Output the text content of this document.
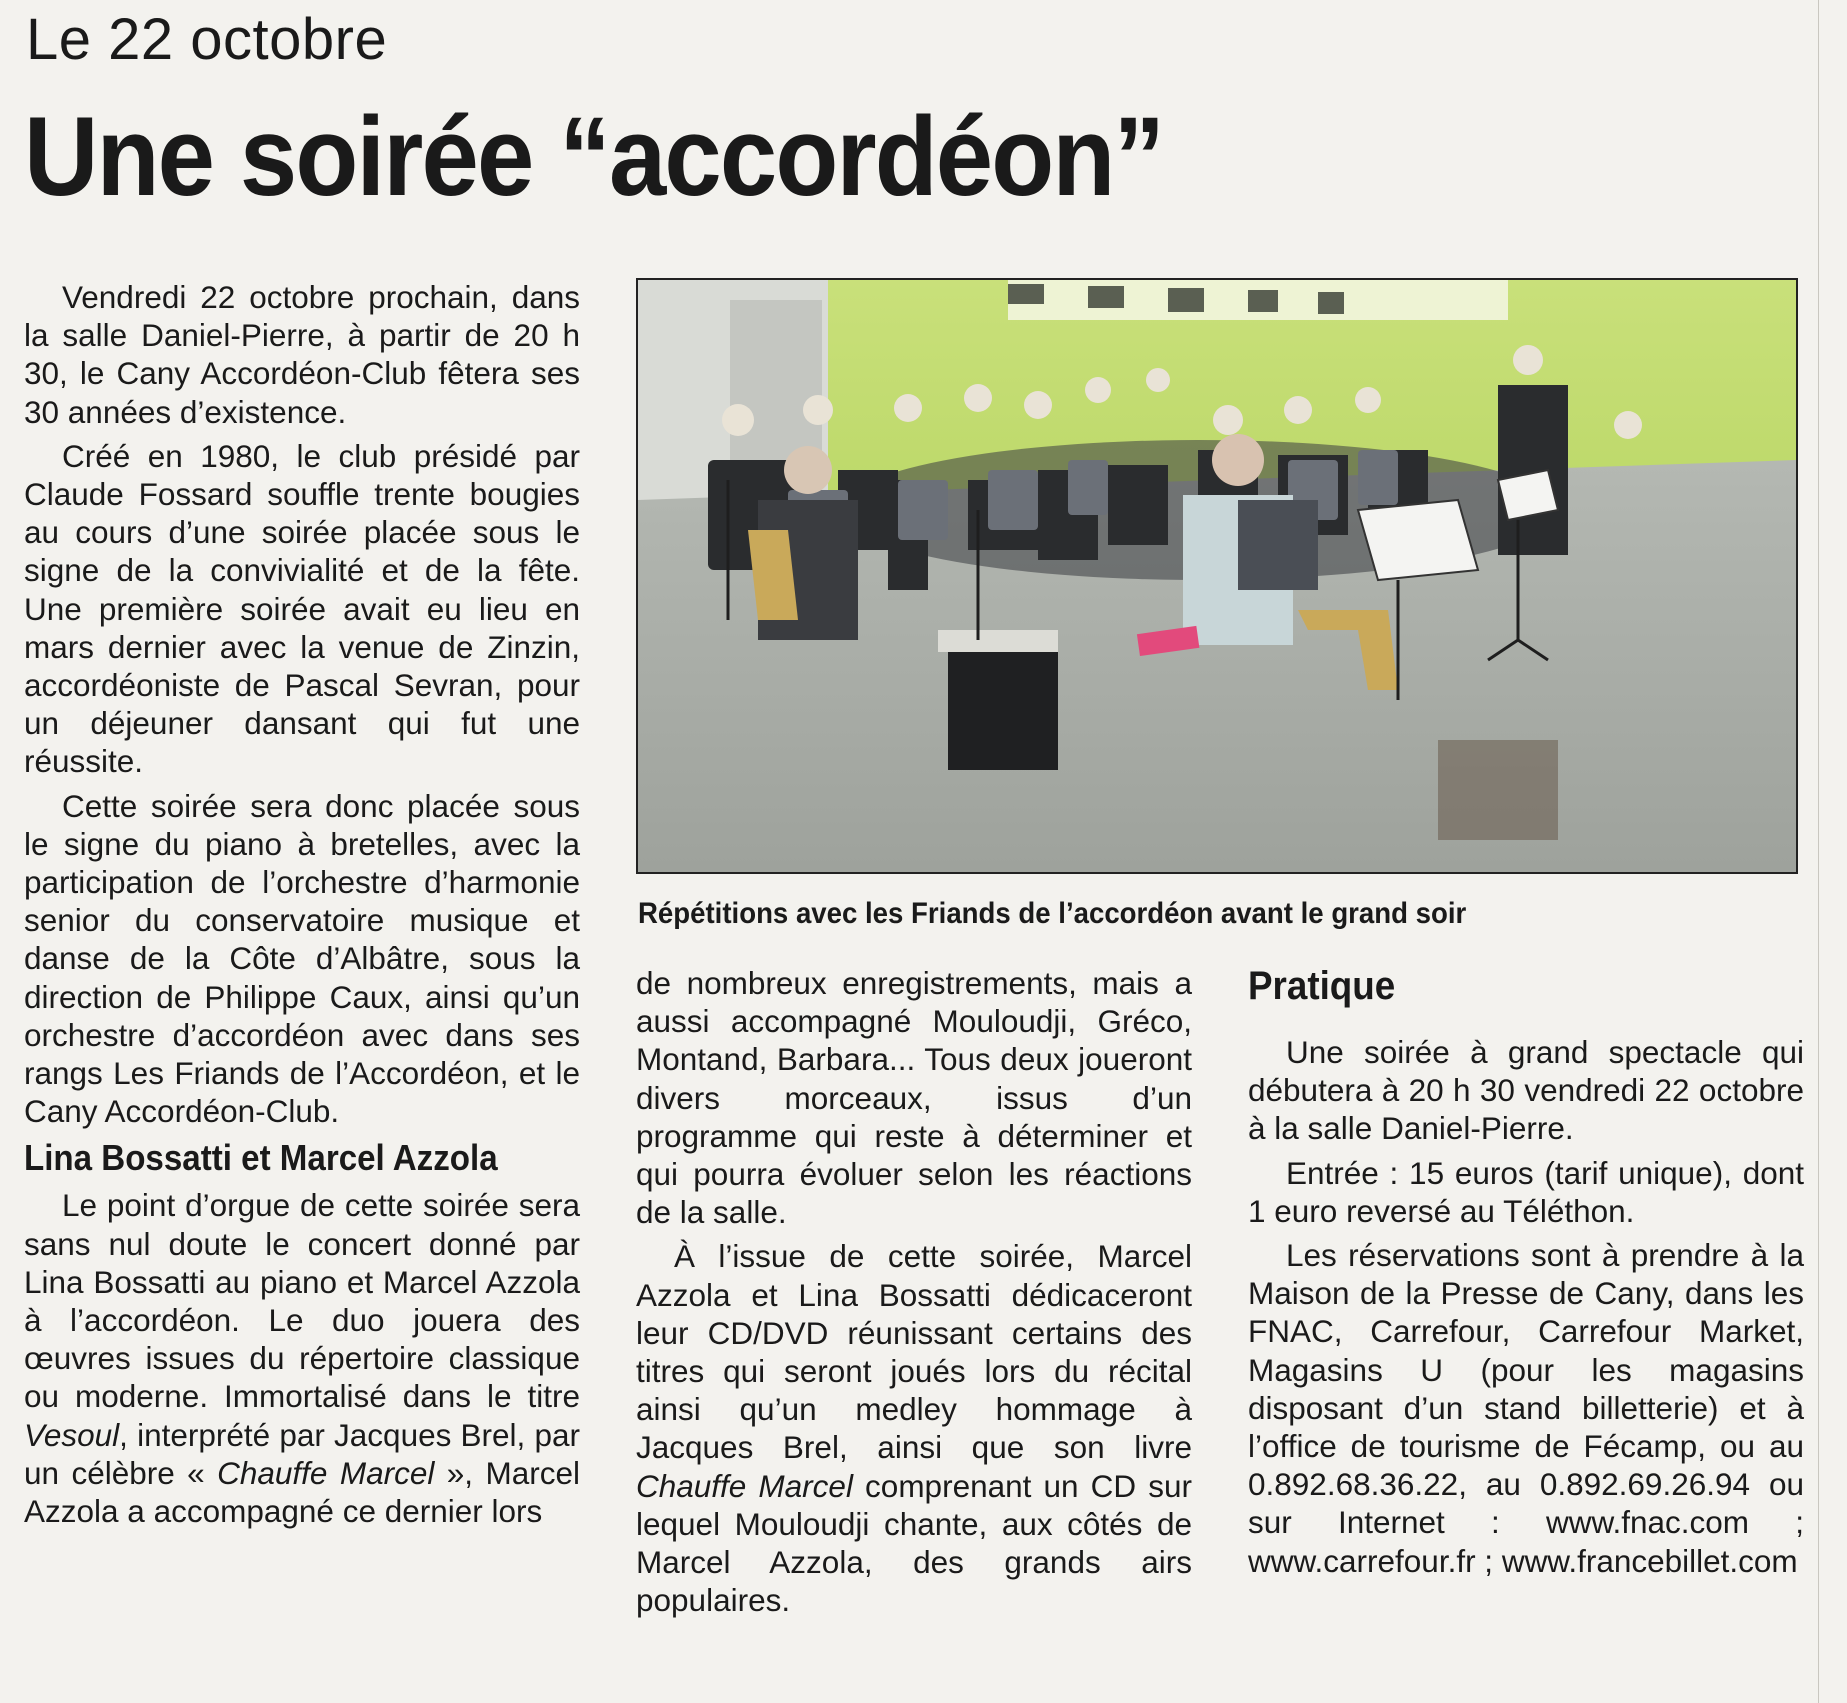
Le 22 octobre
Une soirée “accordéon”

Vendredi 22 octobre prochain, dans la salle Daniel-Pierre, à partir de 20 h 30, le Cany Accordéon-Club fêtera ses 30 années d’existence.

Créé en 1980, le club présidé par Claude Fossard souffle trente bougies au cours d’une soirée placée sous le signe de la convivialité et de la fête. Une première soirée avait eu lieu en mars dernier avec la venue de Zinzin, accordéoniste de Pascal Sevran, pour un déjeuner dansant qui fut une réussite.

Cette soirée sera donc placée sous le signe du piano à bretelles, avec la participation de l’orchestre d’harmonie senior du conservatoire musique et danse de la Côte d’Albâtre, sous la direction de Philippe Caux, ainsi qu’un orchestre d’accordéon avec dans ses rangs Les Friands de l’Accordéon, et le Cany Accordéon-Club.

Lina Bossatti et Marcel Azzola

Le point d’orgue de cette soirée sera sans nul doute le concert donné par Lina Bossatti au piano et Marcel Azzola à l’accordéon. Le duo jouera des œuvres issues du répertoire classique ou moderne. Immortalisé dans le titre Vesoul, interprété par Jacques Brel, par un célèbre « Chauffe Marcel », Marcel Azzola a accompagné ce dernier lors

Répétitions avec les Friands de l’accordéon avant le grand soir

de nombreux enregistrements, mais a aussi accompagné Mouloudji, Gréco, Montand, Barbara... Tous deux joueront divers morceaux, issus d’un programme qui reste à déterminer et qui pourra évoluer selon les réactions de la salle.

À l’issue de cette soirée, Marcel Azzola et Lina Bossatti dédicaceront leur CD/DVD réunissant certains des titres qui seront joués lors du récital ainsi qu’un medley hommage à Jacques Brel, ainsi que son livre Chauffe Marcel comprenant un CD sur lequel Mouloudji chante, aux côtés de Marcel Azzola, des grands airs populaires.

Pratique

Une soirée à grand spectacle qui débutera à 20 h 30 vendredi 22 octobre à la salle Daniel-Pierre.

Entrée : 15 euros (tarif unique), dont 1 euro reversé au Téléthon.

Les réservations sont à prendre à la Maison de la Presse de Cany, dans les FNAC, Carrefour, Carrefour Market, Magasins U (pour les magasins disposant d’un stand billetterie) et à l’office de tourisme de Fécamp, ou au 0.892.68.36.22, au 0.892.69.26.94 ou sur Internet : www.fnac.com ; www.carrefour.fr ; www.francebillet.com
